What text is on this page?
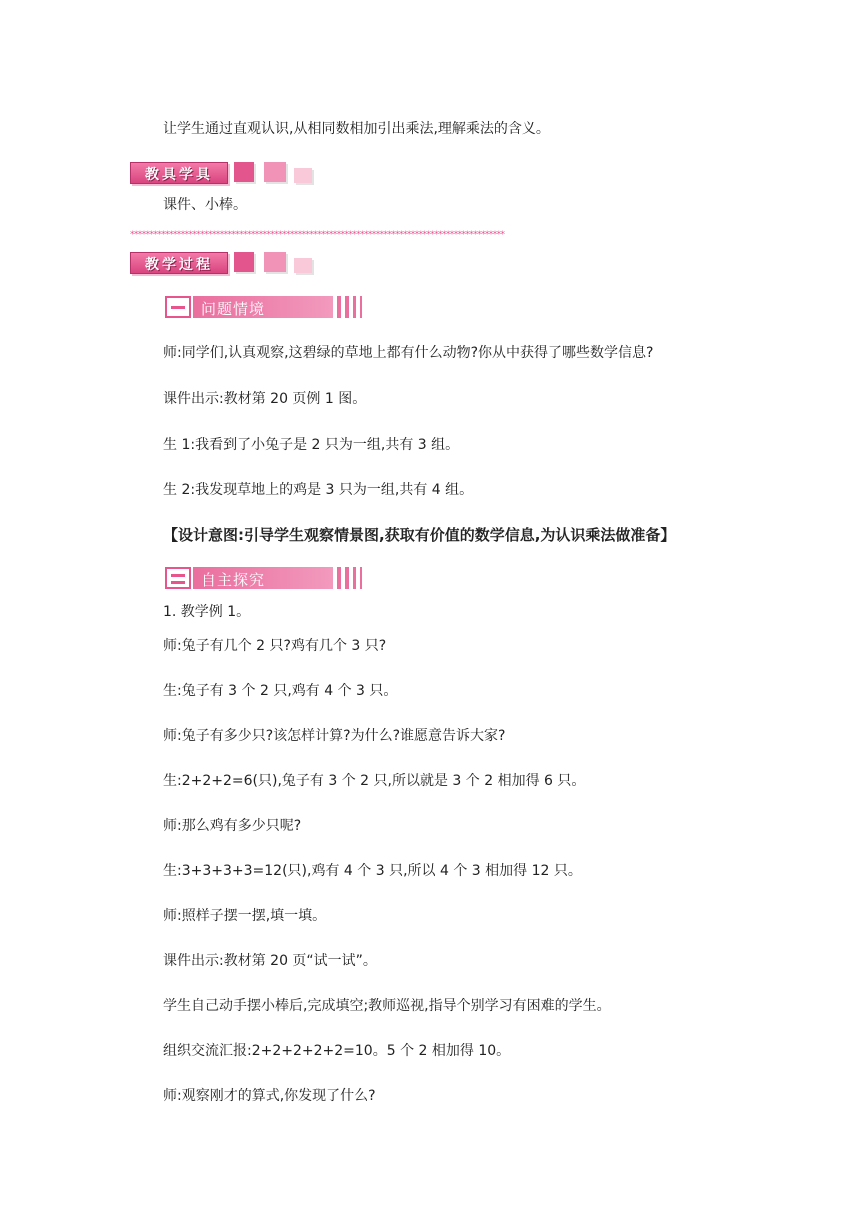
让学生通过直观认识,从相同数相加引出乘法,理解乘法的含义。
教具学具
课件、小棒。
************************************************************************************************
教学过程
问题情境
师:同学们,认真观察,这碧绿的草地上都有什么动物?你从中获得了哪些数学信息?
课件出示:教材第 20 页例 1 图。
生 1:我看到了小兔子是 2 只为一组,共有 3 组。
生 2:我发现草地上的鸡是 3 只为一组,共有 4 组。
【设计意图:引导学生观察情景图,获取有价值的数学信息,为认识乘法做准备】
自主探究
1. 教学例 1。
师:兔子有几个 2 只?鸡有几个 3 只?
生:兔子有 3 个 2 只,鸡有 4 个 3 只。
师:兔子有多少只?该怎样计算?为什么?谁愿意告诉大家?
生:2+2+2=6(只),兔子有 3 个 2 只,所以就是 3 个 2 相加得 6 只。
师:那么鸡有多少只呢?
生:3+3+3+3=12(只),鸡有 4 个 3 只,所以 4 个 3 相加得 12 只。
师:照样子摆一摆,填一填。
课件出示:教材第 20 页“试一试”。
学生自己动手摆小棒后,完成填空;教师巡视,指导个别学习有困难的学生。
组织交流汇报:2+2+2+2+2=10。5 个 2 相加得 10。
师:观察刚才的算式,你发现了什么?
